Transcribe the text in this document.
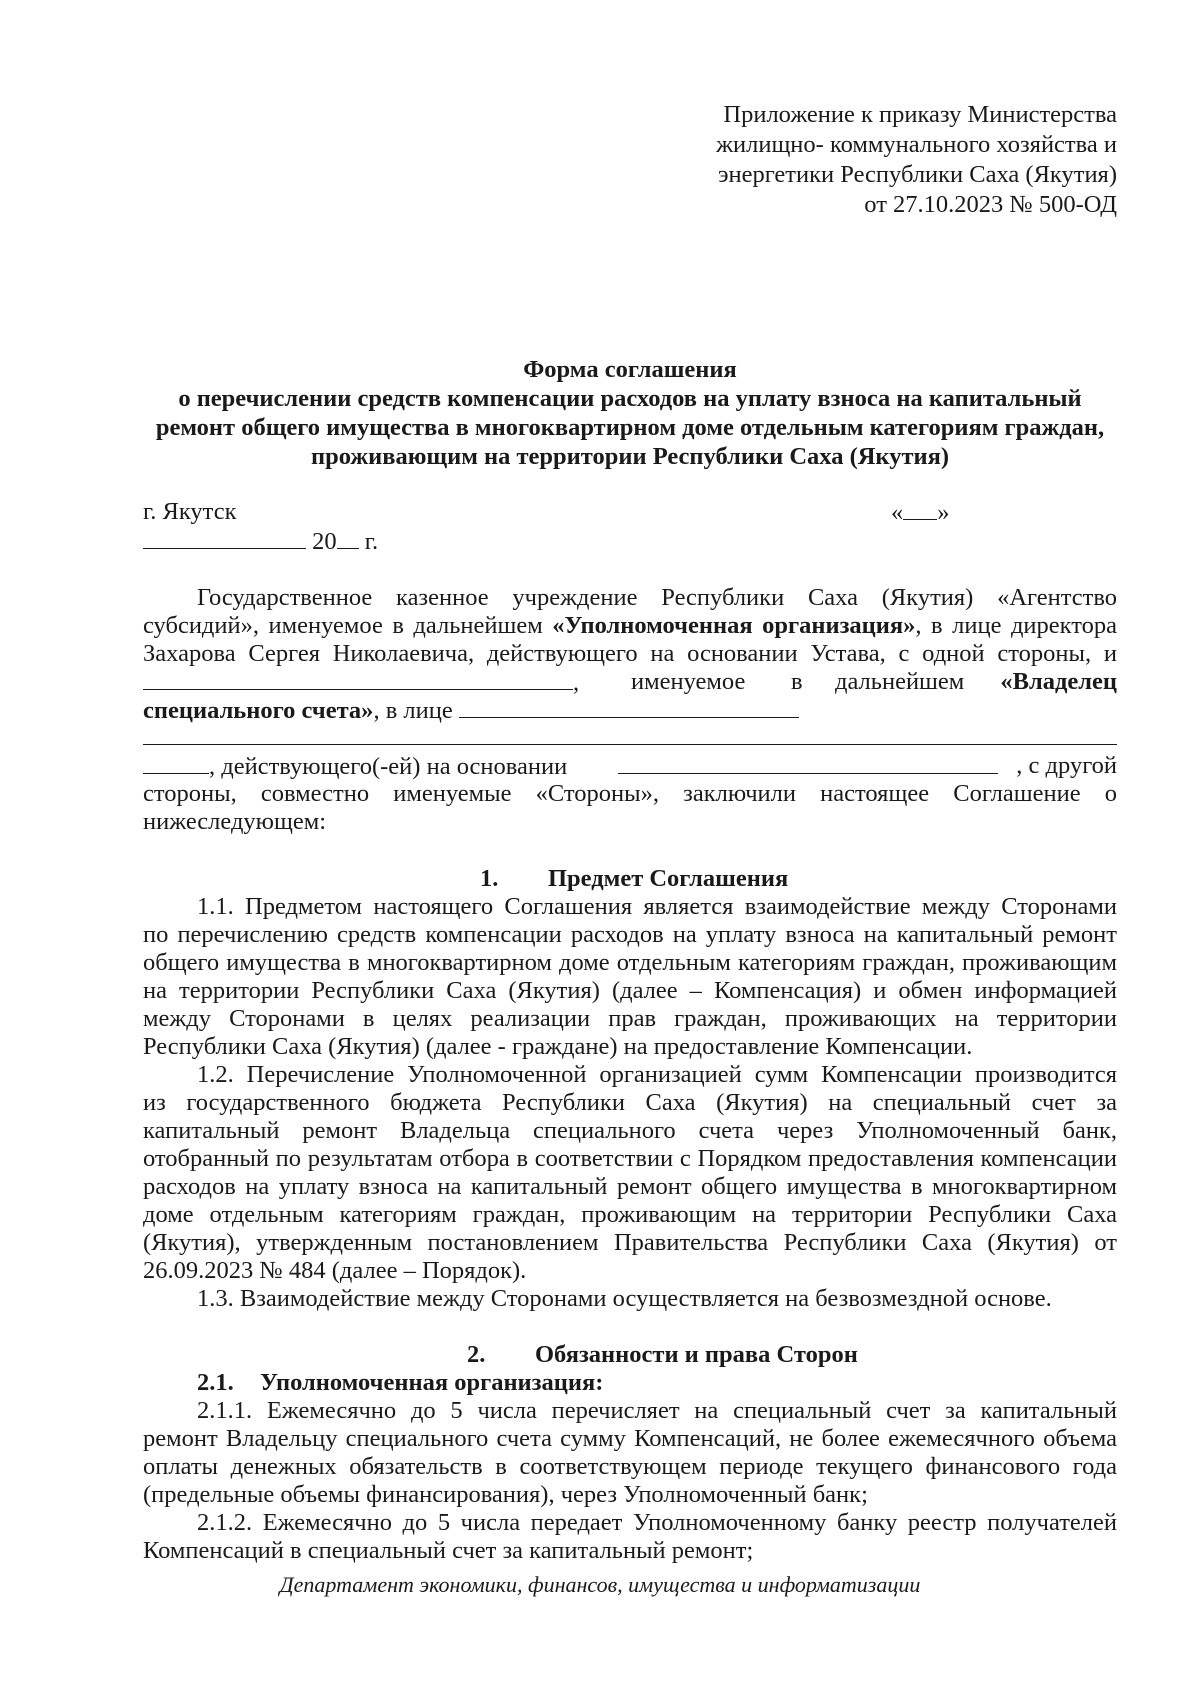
Приложение к приказу Министерства
жилищно- коммунального хозяйства и
энергетики Республики Саха (Якутия)
от 27.10.2023 № 500-ОД
Форма соглашения
о перечислении средств компенсации расходов на уплату взноса на капитальный
ремонт общего имущества в многоквартирном доме отдельным категориям граждан,
проживающим на территории Республики Саха (Якутия)
г. Якутск	« »
20 г.
Государственное казенное учреждение Республики Саха (Якутия) «Агентство
субсидий», именуемое в дальнейшем «Уполномоченная организация», в лице директора
Захарова Сергея Николаевича, действующего на основании Устава, с одной стороны, и
, именуемое в дальнейшем «Владелец
специального счета», в лице
, действующего(-ей) на основании	, с другой
стороны, совместно именуемые «Стороны», заключили настоящее Соглашение о
нижеследующем:
1. Предмет Соглашения
1.1. Предметом настоящего Соглашения является взаимодействие между Сторонами
по перечислению средств компенсации расходов на уплату взноса на капитальный ремонт
общего имущества в многоквартирном доме отдельным категориям граждан, проживающим
на территории Республики Саха (Якутия) (далее – Компенсация) и обмен информацией
между Сторонами в целях реализации прав граждан, проживающих на территории
Республики Саха (Якутия) (далее - граждане) на предоставление Компенсации.
1.2. Перечисление Уполномоченной организацией сумм Компенсации производится
из государственного бюджета Республики Саха (Якутия) на специальный счет за
капитальный ремонт Владельца специального счета через Уполномоченный банк,
отобранный по результатам отбора в соответствии с Порядком предоставления компенсации
расходов на уплату взноса на капитальный ремонт общего имущества в многоквартирном
доме отдельным категориям граждан, проживающим на территории Республики Саха
(Якутия), утвержденным постановлением Правительства Республики Саха (Якутия) от
26.09.2023 № 484 (далее – Порядок).
1.3. Взаимодействие между Сторонами осуществляется на безвозмездной основе.
2. Обязанности и права Сторон
2.1. Уполномоченная организация:
2.1.1. Ежемесячно до 5 числа перечисляет на специальный счет за капитальный
ремонт Владельцу специального счета сумму Компенсаций, не более ежемесячного объема
оплаты денежных обязательств в соответствующем периоде текущего финансового года
(предельные объемы финансирования), через Уполномоченный банк;
2.1.2. Ежемесячно до 5 числа передает Уполномоченному банку реестр получателей
Компенсаций в специальный счет за капитальный ремонт;
Департамент экономики, финансов, имущества и информатизации
